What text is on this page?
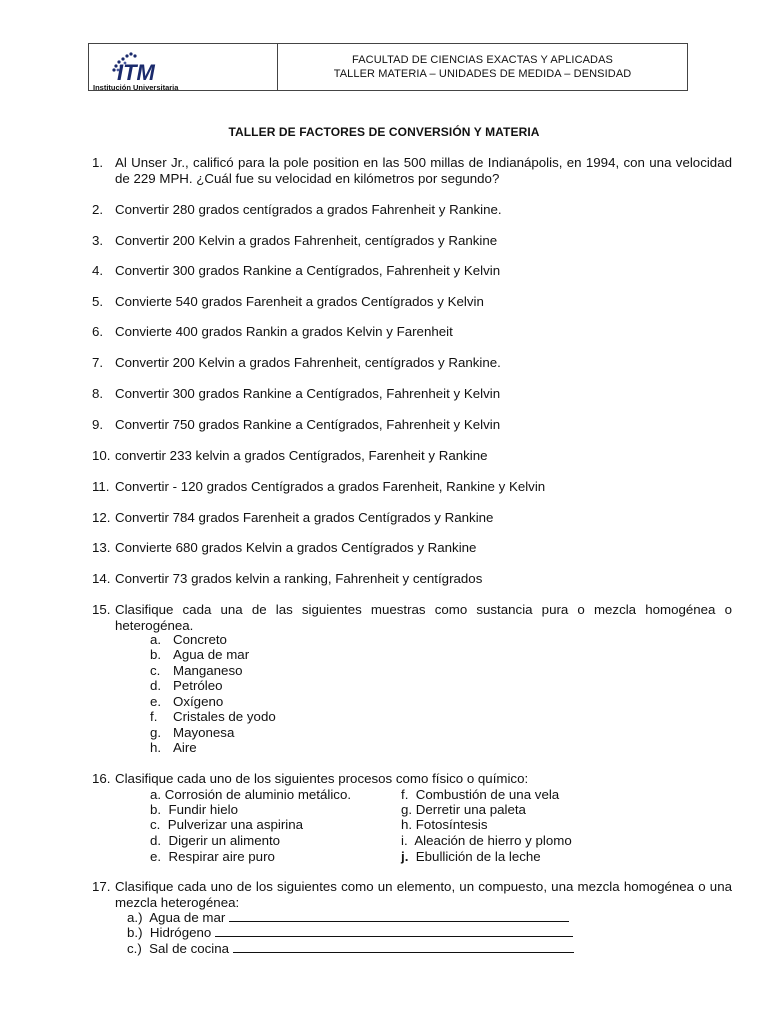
ITM
Institución Universitaria
FACULTAD DE CIENCIAS EXACTAS Y APLICADAS
TALLER MATERIA – UNIDADES DE MEDIDA – DENSIDAD
TALLER DE FACTORES DE CONVERSIÓN Y MATERIA
1. Al Unser Jr., calificó para la pole position en las 500 millas de Indianápolis, en 1994, con una velocidad de 229 MPH. ¿Cuál fue su velocidad en kilómetros por segundo?
2. Convertir 280 grados centígrados a grados Fahrenheit y Rankine.
3. Convertir 200 Kelvin a grados Fahrenheit, centígrados y Rankine
4. Convertir 300 grados Rankine a Centígrados, Fahrenheit y Kelvin
5. Convierte 540 grados Farenheit a grados Centígrados y Kelvin
6. Convierte 400 grados Rankin a grados Kelvin y Farenheit
7. Convertir 200 Kelvin a grados Fahrenheit, centígrados y Rankine.
8. Convertir 300 grados Rankine a Centígrados, Fahrenheit y Kelvin
9. Convertir 750 grados Rankine a Centígrados, Fahrenheit y Kelvin
10. convertir 233 kelvin a grados Centígrados, Farenheit y Rankine
11. Convertir - 120 grados Centígrados a grados Farenheit, Rankine y Kelvin
12. Convertir 784 grados Farenheit a grados Centígrados y Rankine
13. Convierte 680 grados Kelvin a grados Centígrados y Rankine
14. Convertir 73 grados kelvin a ranking, Fahrenheit y centígrados
15. Clasifique cada una de las siguientes muestras como sustancia pura o mezcla homogénea o heterogénea.
a. Concreto
b. Agua de mar
c. Manganeso
d. Petróleo
e. Oxígeno
f. Cristales de yodo
g. Mayonesa
h. Aire
16. Clasifique cada uno de los siguientes procesos como físico o químico:
a. Corrosión de aluminio metálico.
b. Fundir hielo
c. Pulverizar una aspirina
d. Digerir un alimento
e. Respirar aire puro
f. Combustión de una vela
g. Derretir una paleta
h. Fotosíntesis
i. Aleación de hierro y plomo
j. Ebullición de la leche
17. Clasifique cada uno de los siguientes como un elemento, un compuesto, una mezcla homogénea o una mezcla heterogénea:
a.) Agua de mar
b.) Hidrógeno
c.) Sal de cocina
